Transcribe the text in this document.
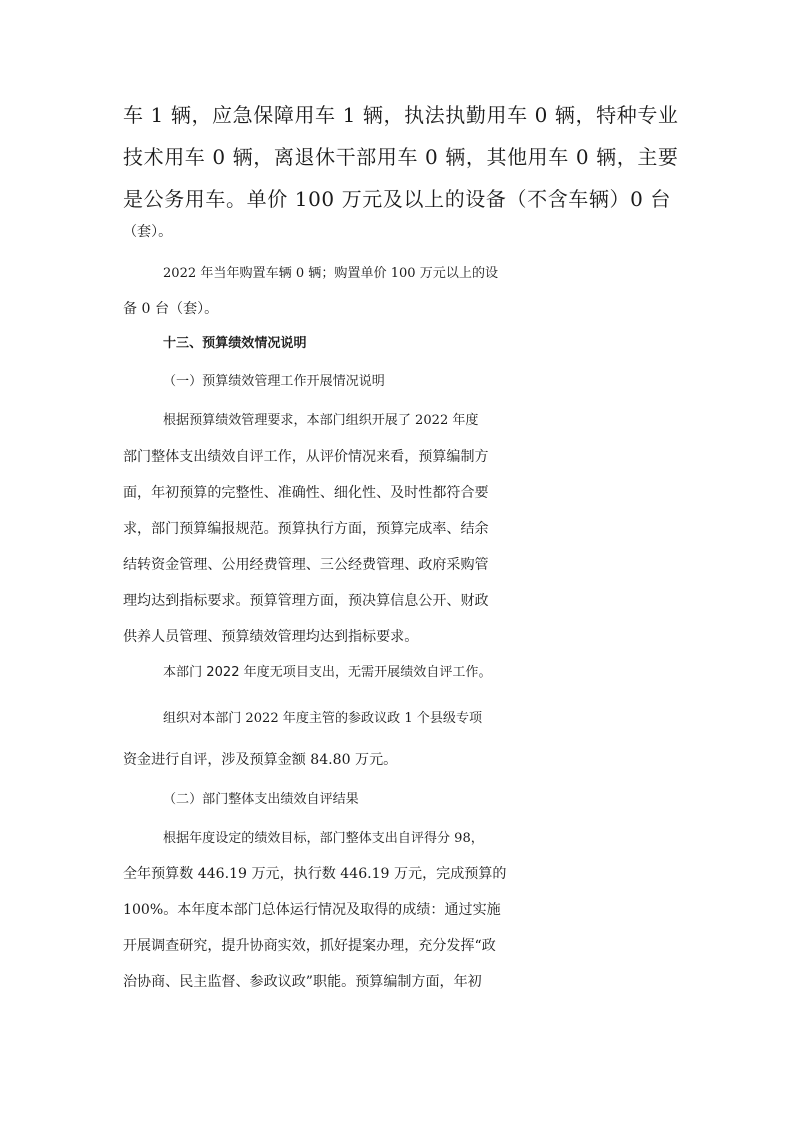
车 1 辆，应急保障用车 1 辆，执法执勤用车 0 辆，特种专业
技术用车 0 辆，离退休干部用车 0 辆，其他用车 0 辆，主要
是公务用车。单价 100 万元及以上的设备（不含车辆）0 台
（套）。
2022 年当年购置车辆 0 辆；购置单价 100 万元以上的设
备 0 台（套）。
十三、预算绩效情况说明
（一）预算绩效管理工作开展情况说明
根据预算绩效管理要求，本部门组织开展了 2022 年度
部门整体支出绩效自评工作，从评价情况来看，预算编制方
面，年初预算的完整性、准确性、细化性、及时性都符合要
求，部门预算编报规范。预算执行方面，预算完成率、结余
结转资金管理、公用经费管理、三公经费管理、政府采购管
理均达到指标要求。预算管理方面，预决算信息公开、财政
供养人员管理、预算绩效管理均达到指标要求。
本部门 2022 年度无项目支出，无需开展绩效自评工作。
组织对本部门 2022 年度主管的参政议政 1 个县级专项
资金进行自评，涉及预算金额 84.80 万元。
（二）部门整体支出绩效自评结果
根据年度设定的绩效目标，部门整体支出自评得分 98，
全年预算数 446.19 万元，执行数 446.19 万元，完成预算的
100%。本年度本部门总体运行情况及取得的成绩：通过实施
开展调查研究，提升协商实效，抓好提案办理，充分发挥“政
治协商、民主监督、参政议政”职能。预算编制方面，年初
